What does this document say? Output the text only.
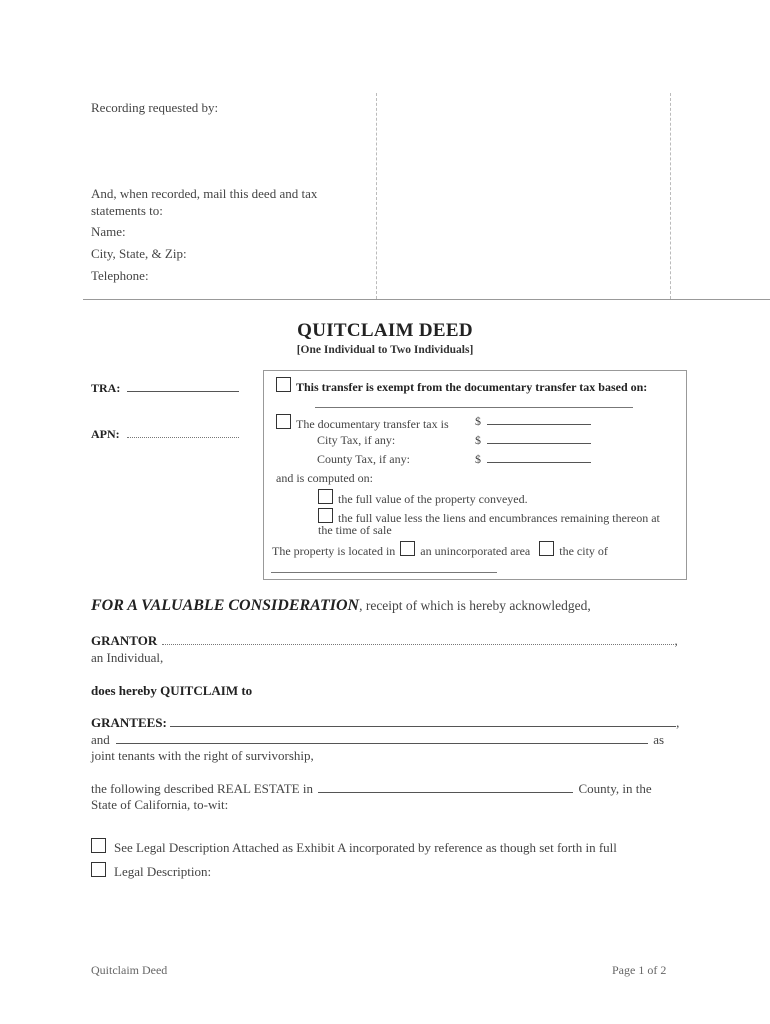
Recording requested by:
And, when recorded, mail this deed and tax
statements to:
Name:
City, State, & Zip:
Telephone:
QUITCLAIM DEED
[One Individual to Two Individuals]
TRA:
APN:
This transfer is exempt from the documentary transfer tax based on:
The documentary transfer tax is $
City Tax, if any:	$
County Tax, if any:	$
and is computed on:
the full value of the property conveyed.
the full value less the liens and encumbrances remaining thereon at
the time of sale
The property is located in an unincorporated area the city of
FOR A VALUABLE CONSIDERATION, receipt of which is hereby acknowledged,
GRANTOR	,
an Individual,
does hereby QUITCLAIM to
GRANTEES:	,
and	as
joint tenants with the right of survivorship,
the following described REAL ESTATE in	County, in the
State of California, to-wit:
See Legal Description Attached as Exhibit A incorporated by reference as though set forth in full
Legal Description:
Quitclaim Deed	Page 1 of 2
